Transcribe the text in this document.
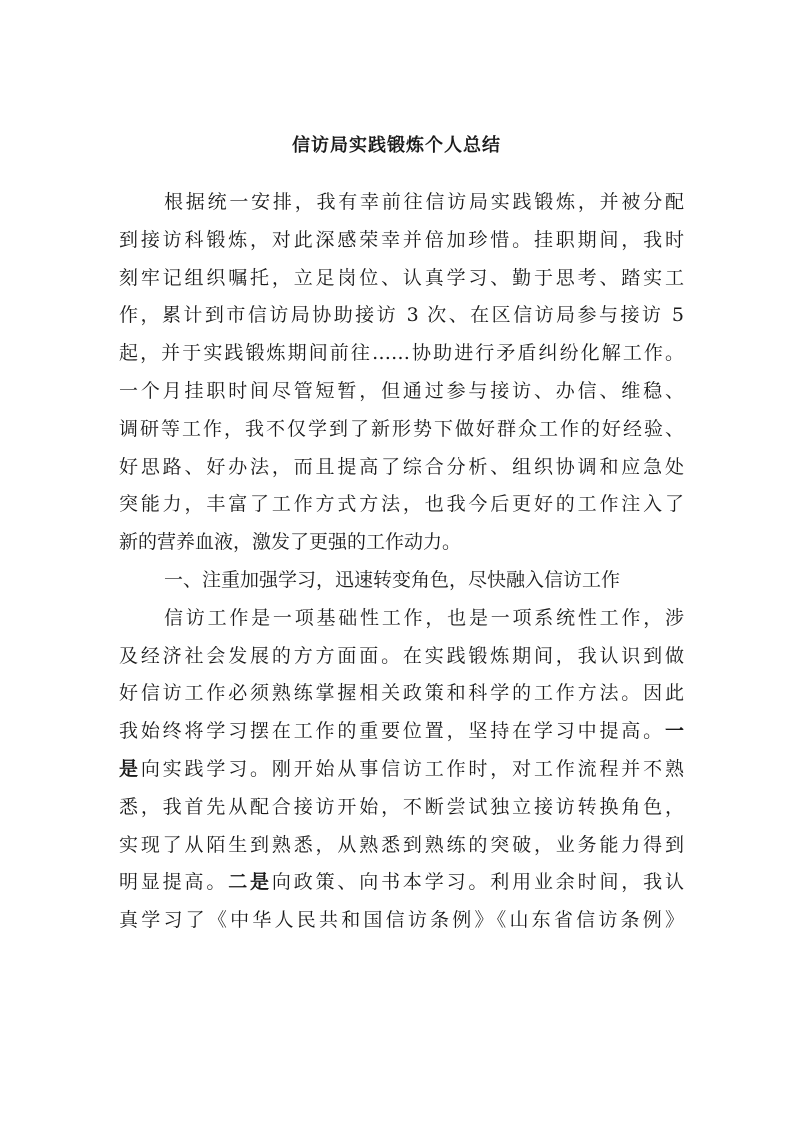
信访局实践锻炼个人总结
根据统一安排，我有幸前往信访局实践锻炼，并被分配
到接访科锻炼，对此深感荣幸并倍加珍惜。挂职期间，我时
刻牢记组织嘱托，立足岗位、认真学习、勤于思考、踏实工
作，累计到市信访局协助接访 3 次、在区信访局参与接访 5
起，并于实践锻炼期间前往……协助进行矛盾纠纷化解工作。
一个月挂职时间尽管短暂，但通过参与接访、办信、维稳、
调研等工作，我不仅学到了新形势下做好群众工作的好经验、
好思路、好办法，而且提高了综合分析、组织协调和应急处
突能力，丰富了工作方式方法，也我今后更好的工作注入了
新的营养血液，激发了更强的工作动力。
一、注重加强学习，迅速转变角色，尽快融入信访工作
信访工作是一项基础性工作，也是一项系统性工作，涉
及经济社会发展的方方面面。在实践锻炼期间，我认识到做
好信访工作必须熟练掌握相关政策和科学的工作方法。因此
我始终将学习摆在工作的重要位置，坚持在学习中提高。一
是向实践学习。刚开始从事信访工作时，对工作流程并不熟
悉，我首先从配合接访开始，不断尝试独立接访转换角色，
实现了从陌生到熟悉，从熟悉到熟练的突破，业务能力得到
明显提高。二是向政策、向书本学习。利用业余时间，我认
真学习了《中华人民共和国信访条例》《山东省信访条例》
